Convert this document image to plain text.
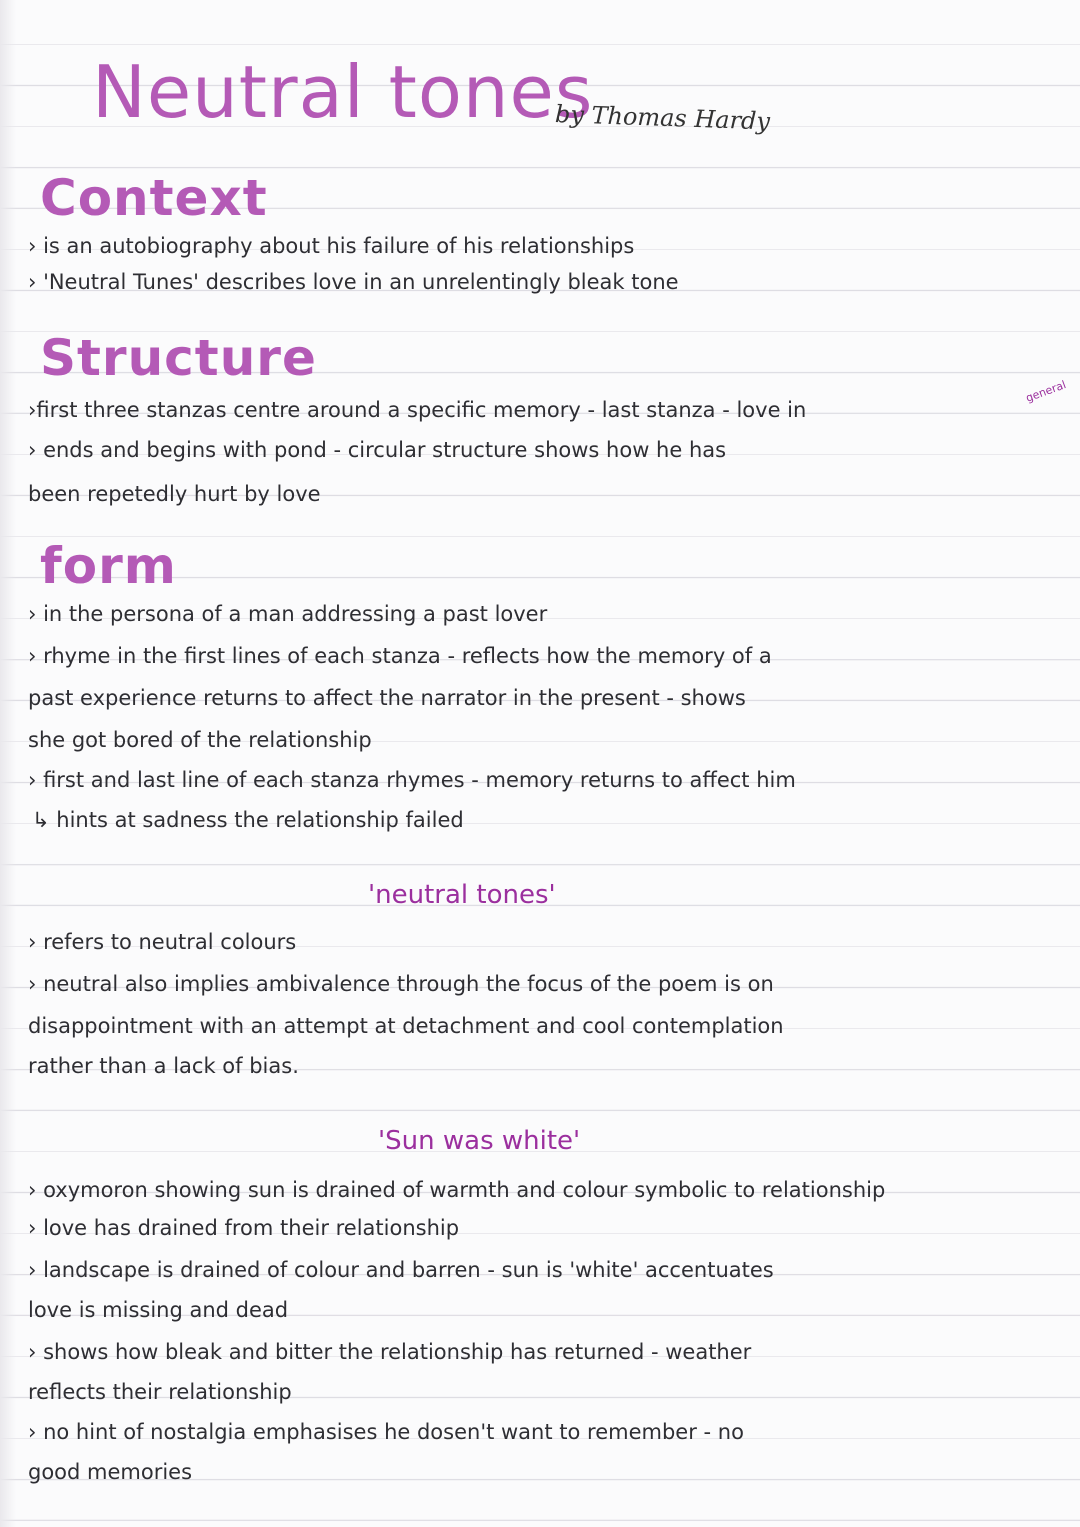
Neutral tones
by Thomas Hardy
Context
› is an autobiography about his failure of his relationships
› 'Neutral Tunes' describes love in an unrelentingly bleak tone
Structure
general
›first three stanzas centre around a specific memory - last stanza - love in
› ends and begins with pond - circular structure shows how he has
been repetedly hurt by love
form
› in the persona of a man addressing a past lover
› rhyme in the first lines of each stanza - reflects how the memory of a
past experience returns to affect the narrator in the present - shows
she got bored of the relationship
› first and last line of each stanza rhymes - memory returns to affect him
↳ hints at sadness the relationship failed
'neutral tones'
› refers to neutral colours
› neutral also implies ambivalence through the focus of the poem is on
disappointment with an attempt at detachment and cool contemplation
rather than a lack of bias.
'Sun was white'
› oxymoron showing sun is drained of warmth and colour symbolic to relationship
› love has drained from their relationship
› landscape is drained of colour and barren - sun is 'white' accentuates
love is missing and dead
› shows how bleak and bitter the relationship has returned - weather
reflects their relationship
› no hint of nostalgia emphasises he dosen't want to remember - no
good memories
